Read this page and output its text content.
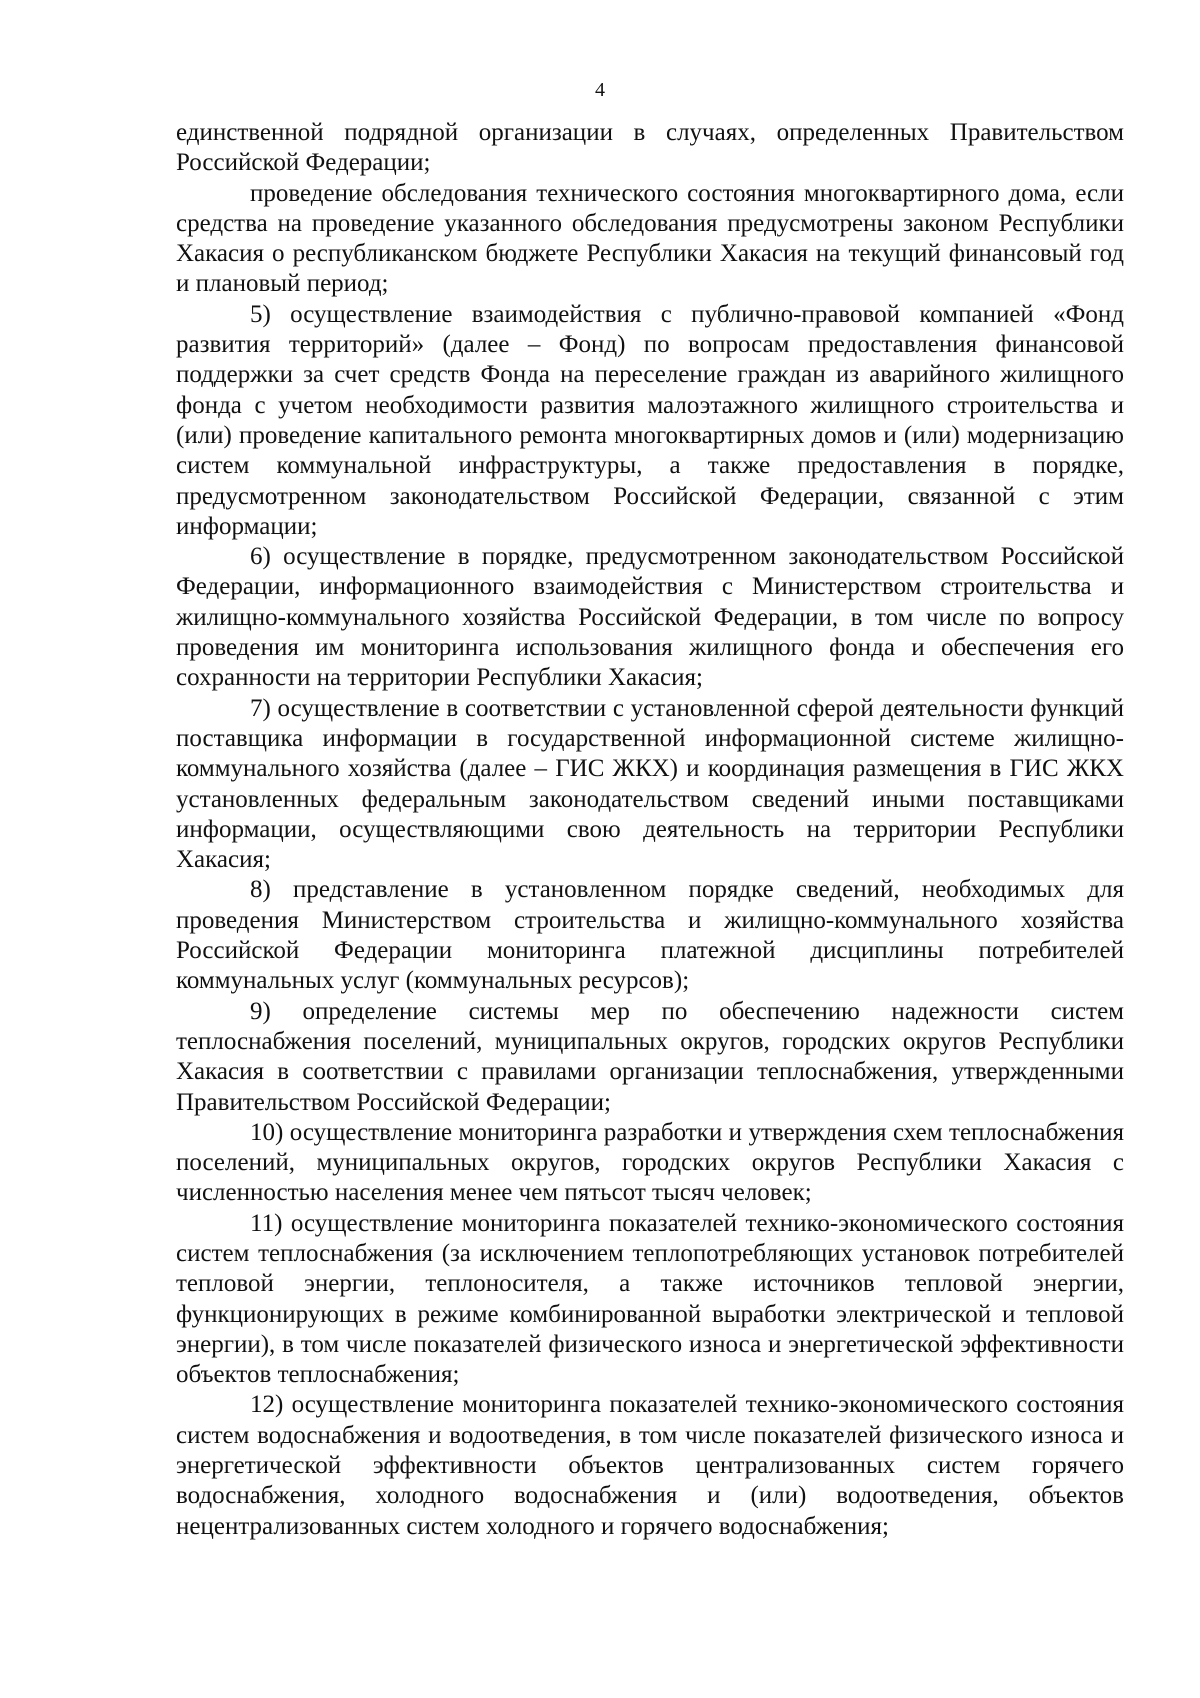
4

единственной подрядной организации в случаях, определенных Правительством Российской Федерации;

проведение обследования технического состояния многоквартирного дома, если средства на проведение указанного обследования предусмотрены законом Республики Хакасия о республиканском бюджете Республики Хакасия на текущий финансовый год и плановый период;

5) осуществление взаимодействия с публично-правовой компанией «Фонд развития территорий» (далее – Фонд) по вопросам предоставления финансовой поддержки за счет средств Фонда на переселение граждан из аварийного жилищного фонда с учетом необходимости развития малоэтажного жилищного строительства и (или) проведение капитального ремонта многоквартирных домов и (или) модернизацию систем коммунальной инфраструктуры, а также предоставления в порядке, предусмотренном законодательством Российской Федерации, связанной с этим информации;

6) осуществление в порядке, предусмотренном законодательством Российской Федерации, информационного взаимодействия с Министерством строительства и жилищно-коммунального хозяйства Российской Федерации, в том числе по вопросу проведения им мониторинга использования жилищного фонда и обеспечения его сохранности на территории Республики Хакасия;

7) осуществление в соответствии с установленной сферой деятельности функций поставщика информации в государственной информационной системе жилищно-коммунального хозяйства (далее – ГИС ЖКХ) и координация размещения в ГИС ЖКХ установленных федеральным законодательством сведений иными поставщиками информации, осуществляющими свою деятельность на территории Республики Хакасия;

8) представление в установленном порядке сведений, необходимых для проведения Министерством строительства и жилищно-коммунального хозяйства Российской Федерации мониторинга платежной дисциплины потребителей коммунальных услуг (коммунальных ресурсов);

9) определение системы мер по обеспечению надежности систем теплоснабжения поселений, муниципальных округов, городских округов Республики Хакасия в соответствии с правилами организации теплоснабжения, утвержденными Правительством Российской Федерации;

10) осуществление мониторинга разработки и утверждения схем теплоснабжения поселений, муниципальных округов, городских округов Республики Хакасия с численностью населения менее чем пятьсот тысяч человек;

11) осуществление мониторинга показателей технико-экономического состояния систем теплоснабжения (за исключением теплопотребляющих установок потребителей тепловой энергии, теплоносителя, а также источников тепловой энергии, функционирующих в режиме комбинированной выработки электрической и тепловой энергии), в том числе показателей физического износа и энергетической эффективности объектов теплоснабжения;

12) осуществление мониторинга показателей технико-экономического состояния систем водоснабжения и водоотведения, в том числе показателей физического износа и энергетической эффективности объектов централизованных систем горячего водоснабжения, холодного водоснабжения и (или) водоотведения, объектов нецентрализованных систем холодного и горячего водоснабжения;
